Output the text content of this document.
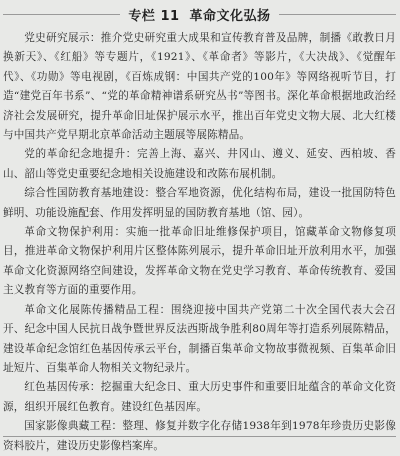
专栏 11 革命文化弘扬

党史研究展示：推介党史研究重大成果和宣传教育普及品牌，制播《敢教日月换新天》、《红船》等专题片，《1921》、《革命者》等影片，《大决战》、《觉醒年代》、《功勋》等电视剧，《百炼成钢：中国共产党的100年》等网络视听节目，打造“建党百年书系”、“党的革命精神谱系研究丛书”等图书。深化革命根据地政治经济社会发展研究，提升革命旧址保护展示水平，推出百年党史文物大展、北大红楼与中国共产党早期北京革命活动主题展等展陈精品。

党的革命纪念地提升：完善上海、嘉兴、井冈山、遵义、延安、西柏坡、香山、韶山等党史重要纪念地相关设施建设和改陈布展机制。

综合性国防教育基地建设：整合军地资源，优化结构布局，建设一批国防特色鲜明、功能设施配套、作用发挥明显的国防教育基地（馆、园）。

革命文物保护利用：实施一批革命旧址维修保护项目，馆藏革命文物修复项目，推进革命文物保护利用片区整体陈列展示，提升革命旧址开放利用水平，加强革命文化资源网络空间建设，发挥革命文物在党史学习教育、革命传统教育、爱国主义教育等方面的重要作用。

革命文化展陈传播精品工程：围绕迎接中国共产党第二十次全国代表大会召开、纪念中国人民抗日战争暨世界反法西斯战争胜利80周年等打造系列展陈精品，建设革命纪念馆红色基因传承云平台，制播百集革命文物故事微视频、百集革命旧址短片、百集革命人物相关文物纪录片。

红色基因传承：挖掘重大纪念日、重大历史事件和重要旧址蕴含的革命文化资源，组织开展红色教育。建设红色基因库。

国家影像典藏工程：整理、修复并数字化存储1938年到1978年珍贵历史影像资料胶片，建设历史影像档案库。
